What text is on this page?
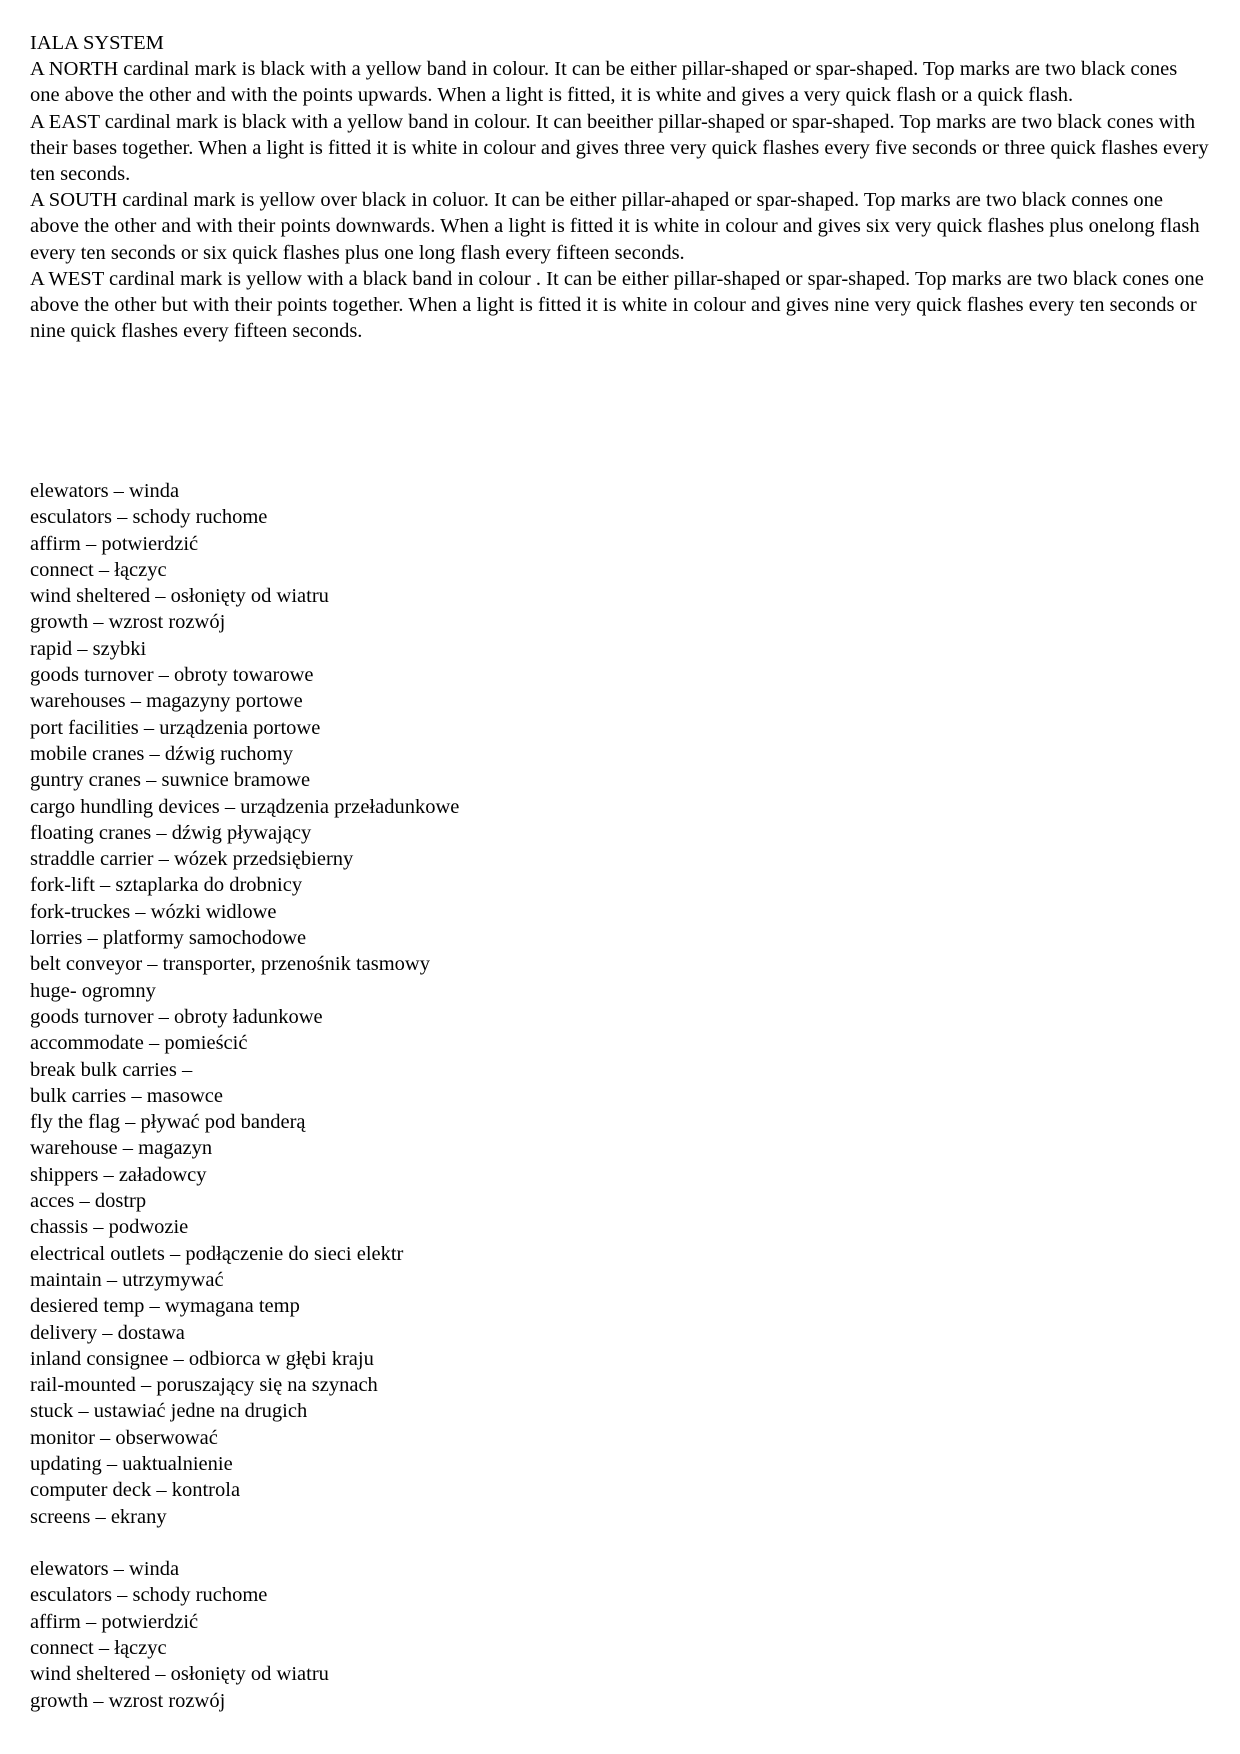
IALA SYSTEM

A NORTH cardinal mark is black with a yellow band in colour. It can be either pillar-shaped or spar-shaped. Top marks are two black cones one above the other and with the points upwards. When a light is fitted, it is white and gives a very quick flash or a quick flash.

A EAST cardinal mark is black with a yellow band in colour. It can beeither pillar-shaped or spar-shaped. Top marks are two black cones with their bases together. When a light is fitted it is white in colour and gives three very quick flashes every five seconds or three quick flashes every ten seconds.

A SOUTH cardinal mark is yellow over black in coluor. It can be either pillar-ahaped or spar-shaped. Top marks are two black connes one above the other and with their points downwards. When a light is fitted it is white in colour and gives six very quick flashes plus onelong flash every ten seconds or six quick flashes plus one long flash every fifteen seconds.

A WEST cardinal mark is yellow with a black band in colour . It can be either pillar-shaped or spar-shaped. Top marks are two black cones one above the other but with their points together. When a light is fitted it is white in colour and gives nine very quick flashes every ten seconds or nine quick flashes every fifteen seconds.

elewators – winda
esculators – schody ruchome
affirm – potwierdzić
connect – łączyc
wind sheltered – osłonięty od wiatru
growth – wzrost rozwój
rapid – szybki
goods turnover – obroty towarowe
warehouses – magazyny portowe
port facilities – urządzenia portowe
mobile cranes – dźwig ruchomy
guntry cranes – suwnice bramowe
cargo hundling devices – urządzenia przeładunkowe
floating cranes – dźwig pływający
straddle carrier – wózek przedsiębierny
fork-lift – sztaplarka do drobnicy
fork-truckes – wózki widlowe
lorries – platformy samochodowe
belt conveyor – transporter, przenośnik tasmowy
huge- ogromny
goods turnover – obroty ładunkowe
accommodate – pomieścić
break bulk carries –
bulk carries – masowce
fly the flag – pływać pod banderą
warehouse – magazyn
shippers – załadowcy
acces – dostrp
chassis – podwozie
electrical outlets – podłączenie do sieci elektr
maintain – utrzymywać
desiered temp – wymagana temp
delivery – dostawa
inland consignee – odbiorca w głębi kraju
rail-mounted – poruszający się na szynach
stuck – ustawiać jedne na drugich
monitor – obserwować
updating – uaktualnienie
computer deck – kontrola
screens – ekrany
elewators – winda
esculators – schody ruchome
affirm – potwierdzić
connect – łączyc
wind sheltered – osłonięty od wiatru
growth – wzrost rozwój
